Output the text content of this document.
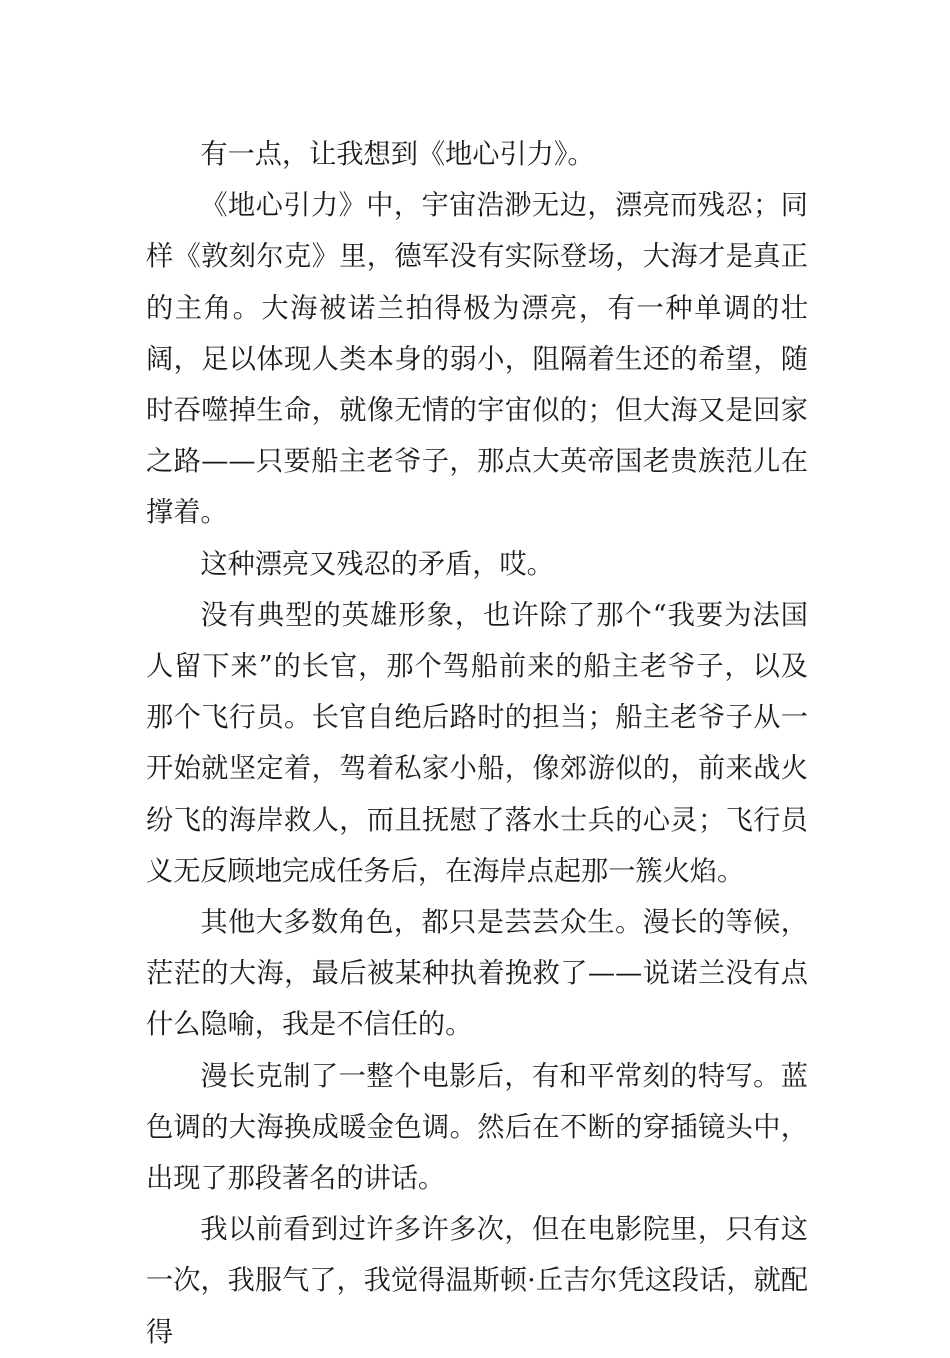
有一点，让我想到《地心引力》。

《地心引力》中，宇宙浩渺无边，漂亮而残忍；同样《敦刻尔克》里，德军没有实际登场，大海才是真正的主角。大海被诺兰拍得极为漂亮，有一种单调的壮阔，足以体现人类本身的弱小，阻隔着生还的希望，随时吞噬掉生命，就像无情的宇宙似的；但大海又是回家之路——只要船主老爷子，那点大英帝国老贵族范儿在撑着。

这种漂亮又残忍的矛盾，哎。

没有典型的英雄形象，也许除了那个“我要为法国人留下来”的长官，那个驾船前来的船主老爷子，以及那个飞行员。长官自绝后路时的担当；船主老爷子从一开始就坚定着，驾着私家小船，像郊游似的，前来战火纷飞的海岸救人，而且抚慰了落水士兵的心灵；飞行员义无反顾地完成任务后，在海岸点起那一簇火焰。

其他大多数角色，都只是芸芸众生。漫长的等候，茫茫的大海，最后被某种执着挽救了——说诺兰没有点什么隐喻，我是不信任的。

漫长克制了一整个电影后，有和平常刻的特写。蓝色调的大海换成暖金色调。然后在不断的穿插镜头中，出现了那段著名的讲话。

我以前看到过许多许多次，但在电影院里，只有这一次，我服气了，我觉得温斯顿·丘吉尔凭这段话，就配得
